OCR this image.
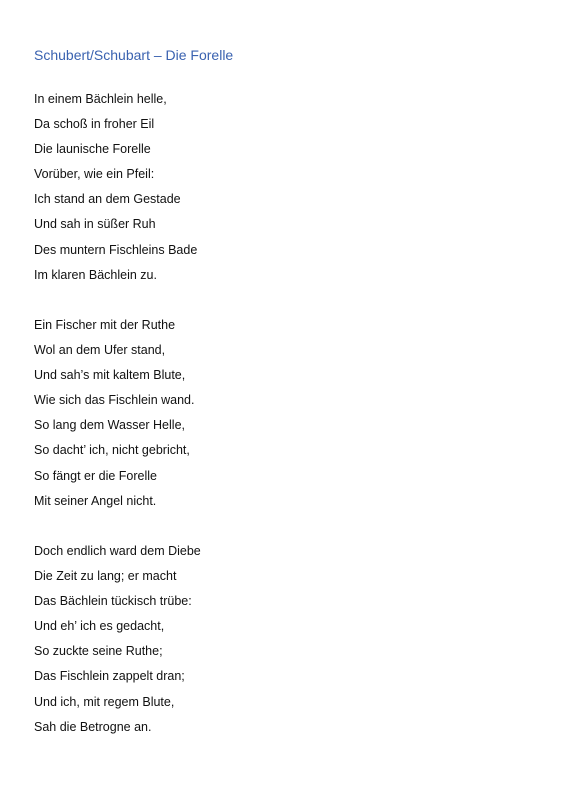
Schubert/Schubart – Die Forelle
In einem Bächlein helle,
Da schoß in froher Eil
Die launische Forelle
Vorüber, wie ein Pfeil:
Ich stand an dem Gestade
Und sah in süßer Ruh
Des muntern Fischleins Bade
Im klaren Bächlein zu.
Ein Fischer mit der Ruthe
Wol an dem Ufer stand,
Und sah’s mit kaltem Blute,
Wie sich das Fischlein wand.
So lang dem Wasser Helle,
So dacht’ ich, nicht gebricht,
So fängt er die Forelle
Mit seiner Angel nicht.
Doch endlich ward dem Diebe
Die Zeit zu lang; er macht
Das Bächlein tückisch trübe:
Und eh’ ich es gedacht,
So zuckte seine Ruthe;
Das Fischlein zappelt dran;
Und ich, mit regem Blute,
Sah die Betrogne an.
